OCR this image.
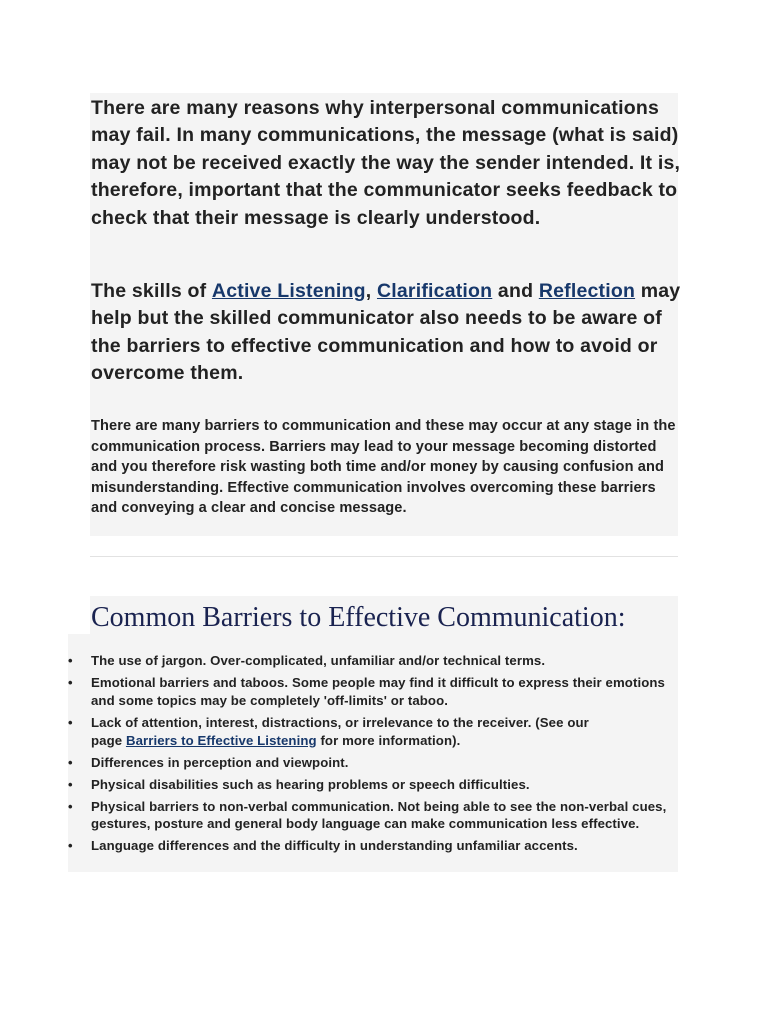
There are many reasons why interpersonal communications may fail. In many communications, the message (what is said) may not be received exactly the way the sender intended. It is, therefore, important that the communicator seeks feedback to check that their message is clearly understood.

The skills of Active Listening, Clarification and Reflection may help but the skilled communicator also needs to be aware of the barriers to effective communication and how to avoid or overcome them.

There are many barriers to communication and these may occur at any stage in the communication process. Barriers may lead to your message becoming distorted and you therefore risk wasting both time and/or money by causing confusion and misunderstanding. Effective communication involves overcoming these barriers and conveying a clear and concise message.

Common Barriers to Effective Communication:
• The use of jargon. Over-complicated, unfamiliar and/or technical terms.
• Emotional barriers and taboos. Some people may find it difficult to express their emotions and some topics may be completely 'off-limits' or taboo.
• Lack of attention, interest, distractions, or irrelevance to the receiver. (See our page Barriers to Effective Listening for more information).
• Differences in perception and viewpoint.
• Physical disabilities such as hearing problems or speech difficulties.
• Physical barriers to non-verbal communication. Not being able to see the non-verbal cues, gestures, posture and general body language can make communication less effective.
• Language differences and the difficulty in understanding unfamiliar accents.
